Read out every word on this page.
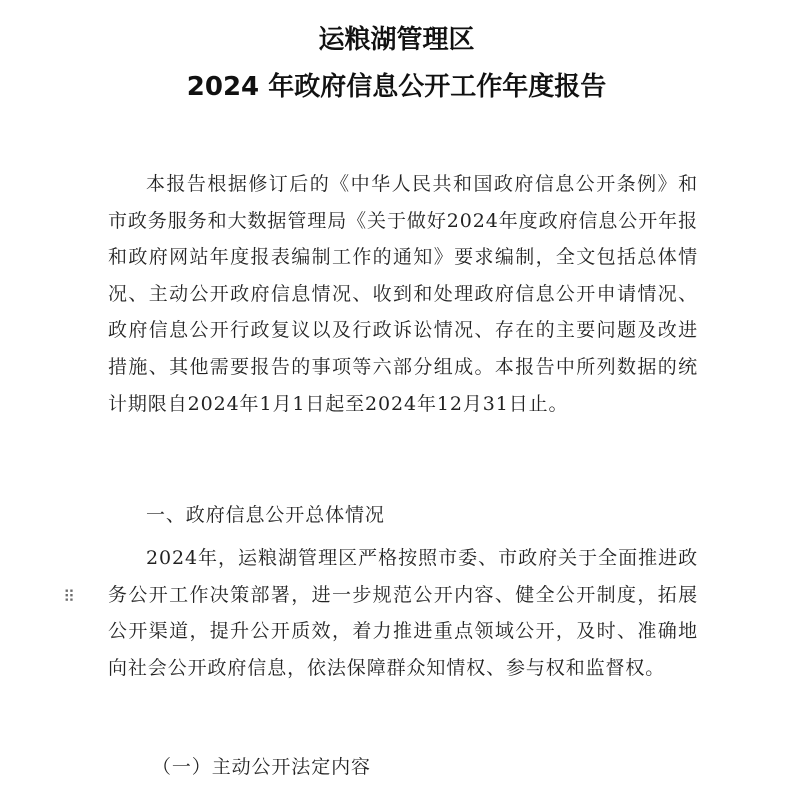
运粮湖管理区
2024 年政府信息公开工作年度报告
本报告根据修订后的《中华人民共和国政府信息公开条例》和市政务服务和大数据管理局《关于做好2024年度政府信息公开年报和政府网站年度报表编制工作的通知》要求编制，全文包括总体情况、主动公开政府信息情况、收到和处理政府信息公开申请情况、政府信息公开行政复议以及行政诉讼情况、存在的主要问题及改进措施、其他需要报告的事项等六部分组成。本报告中所列数据的统计期限自2024年1月1日起至2024年12月31日止。
一、政府信息公开总体情况
2024年，运粮湖管理区严格按照市委、市政府关于全面推进政务公开工作决策部署，进一步规范公开内容、健全公开制度，拓展公开渠道，提升公开质效，着力推进重点领域公开，及时、准确地向社会公开政府信息，依法保障群众知情权、参与权和监督权。
（一）主动公开法定内容
⠿
